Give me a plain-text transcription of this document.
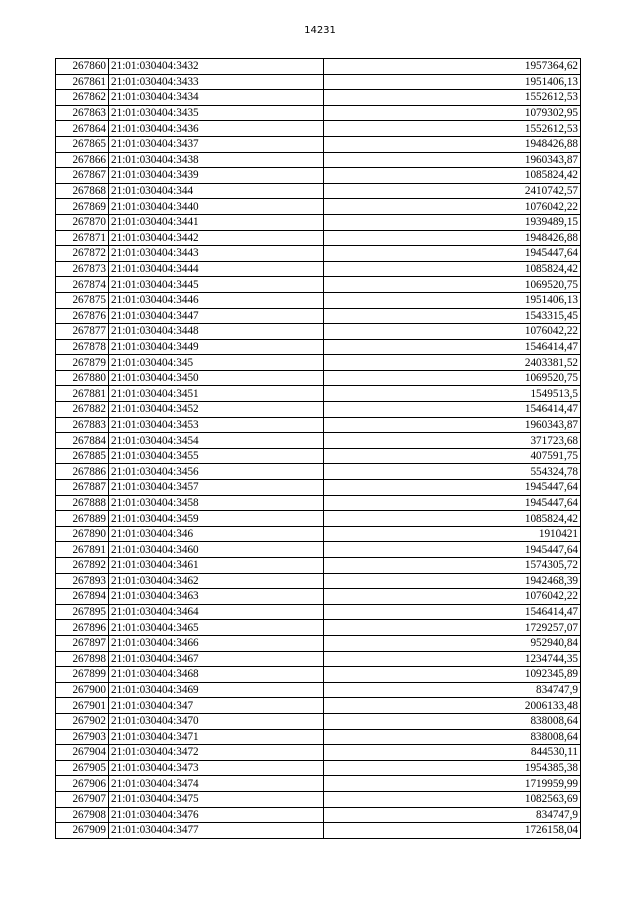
14231
267860	21:01:030404:3432	1957364,62
267861	21:01:030404:3433	1951406,13
267862	21:01:030404:3434	1552612,53
267863	21:01:030404:3435	1079302,95
267864	21:01:030404:3436	1552612,53
267865	21:01:030404:3437	1948426,88
267866	21:01:030404:3438	1960343,87
267867	21:01:030404:3439	1085824,42
267868	21:01:030404:344	2410742,57
267869	21:01:030404:3440	1076042,22
267870	21:01:030404:3441	1939489,15
267871	21:01:030404:3442	1948426,88
267872	21:01:030404:3443	1945447,64
267873	21:01:030404:3444	1085824,42
267874	21:01:030404:3445	1069520,75
267875	21:01:030404:3446	1951406,13
267876	21:01:030404:3447	1543315,45
267877	21:01:030404:3448	1076042,22
267878	21:01:030404:3449	1546414,47
267879	21:01:030404:345	2403381,52
267880	21:01:030404:3450	1069520,75
267881	21:01:030404:3451	1549513,5
267882	21:01:030404:3452	1546414,47
267883	21:01:030404:3453	1960343,87
267884	21:01:030404:3454	371723,68
267885	21:01:030404:3455	407591,75
267886	21:01:030404:3456	554324,78
267887	21:01:030404:3457	1945447,64
267888	21:01:030404:3458	1945447,64
267889	21:01:030404:3459	1085824,42
267890	21:01:030404:346	1910421
267891	21:01:030404:3460	1945447,64
267892	21:01:030404:3461	1574305,72
267893	21:01:030404:3462	1942468,39
267894	21:01:030404:3463	1076042,22
267895	21:01:030404:3464	1546414,47
267896	21:01:030404:3465	1729257,07
267897	21:01:030404:3466	952940,84
267898	21:01:030404:3467	1234744,35
267899	21:01:030404:3468	1092345,89
267900	21:01:030404:3469	834747,9
267901	21:01:030404:347	2006133,48
267902	21:01:030404:3470	838008,64
267903	21:01:030404:3471	838008,64
267904	21:01:030404:3472	844530,11
267905	21:01:030404:3473	1954385,38
267906	21:01:030404:3474	1719959,99
267907	21:01:030404:3475	1082563,69
267908	21:01:030404:3476	834747,9
267909	21:01:030404:3477	1726158,04
